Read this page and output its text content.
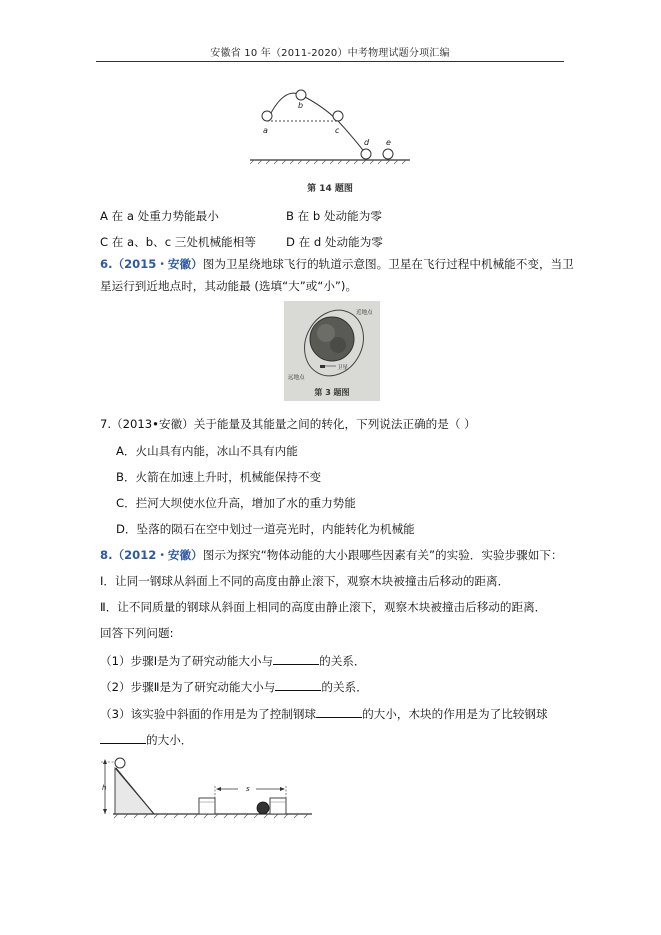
安徽省 10 年（2011-2020）中考物理试题分项汇编
a
b
c
d e
第 14 题图
A 在 a 处重力势能最小	B 在 b 处动能为零
C 在 a、b、c 三处机械能相等	D 在 d 处动能为零
6.（2015・安徽）图为卫星绕地球飞行的轨道示意图。卫星在飞行过程中机械能不变，当卫
星运行到近地点时，其动能最 (选填“大”或“小”)。
近地点
远地点
卫星
第 3 题图
7.（2013•安徽）关于能量及其能量之间的转化，下列说法正确的是（ ）
A．火山具有内能，冰山不具有内能
B．火箭在加速上升时，机械能保持不变
C．拦河大坝使水位升高，增加了水的重力势能
D．坠落的陨石在空中划过一道亮光时，内能转化为机械能
8.（2012・安徽）图示为探究“物体动能的大小跟哪些因素有关”的实验．实验步骤如下：
Ⅰ．让同一钢球从斜面上不同的高度由静止滚下，观察木块被撞击后移动的距离．
Ⅱ．让不同质量的钢球从斜面上相同的高度由静止滚下，观察木块被撞击后移动的距离．
回答下列问题:
（1）步骤Ⅰ是为了研究动能大小与	的关系．
（2）步骤Ⅱ是为了研究动能大小与	的关系．
（3）该实验中斜面的作用是为了控制钢球	的大小，木块的作用是为了比较钢球
的大小．
h	s
